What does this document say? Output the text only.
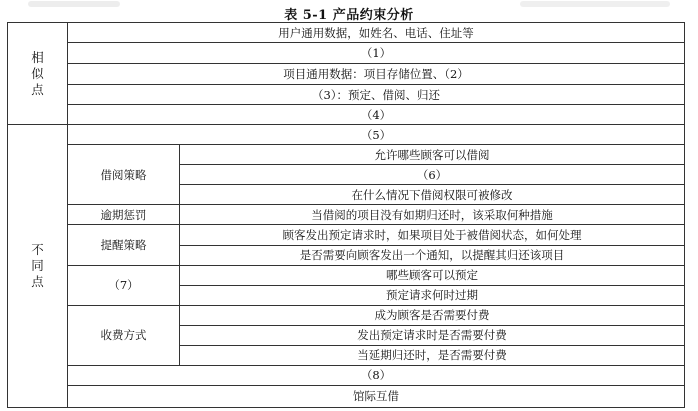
表 5-1 产品约束分析
相
似
点	用户通用数据，如姓名、电话、住址等	
	（1）	
	项目通用数据：项目存储位置、（2）	
	（3）：预定、借阅、归还	
	（4）	

不
同
点	（5）	
	借阅策略	允许哪些顾客可以借阅
		（6）
		在什么情况下借阅权限可被修改
	逾期惩罚	当借阅的项目没有如期归还时，该采取何种措施
	提醒策略	顾客发出预定请求时，如果项目处于被借阅状态，如何处理
		是否需要向顾客发出一个通知，以提醒其归还该项目
	（7）	哪些顾客可以预定
		预定请求何时过期
	收费方式	成为顾客是否需要付费
		发出预定请求时是否需要付费
		当延期归还时，是否需要付费
	（8）	
	馆际互借	
